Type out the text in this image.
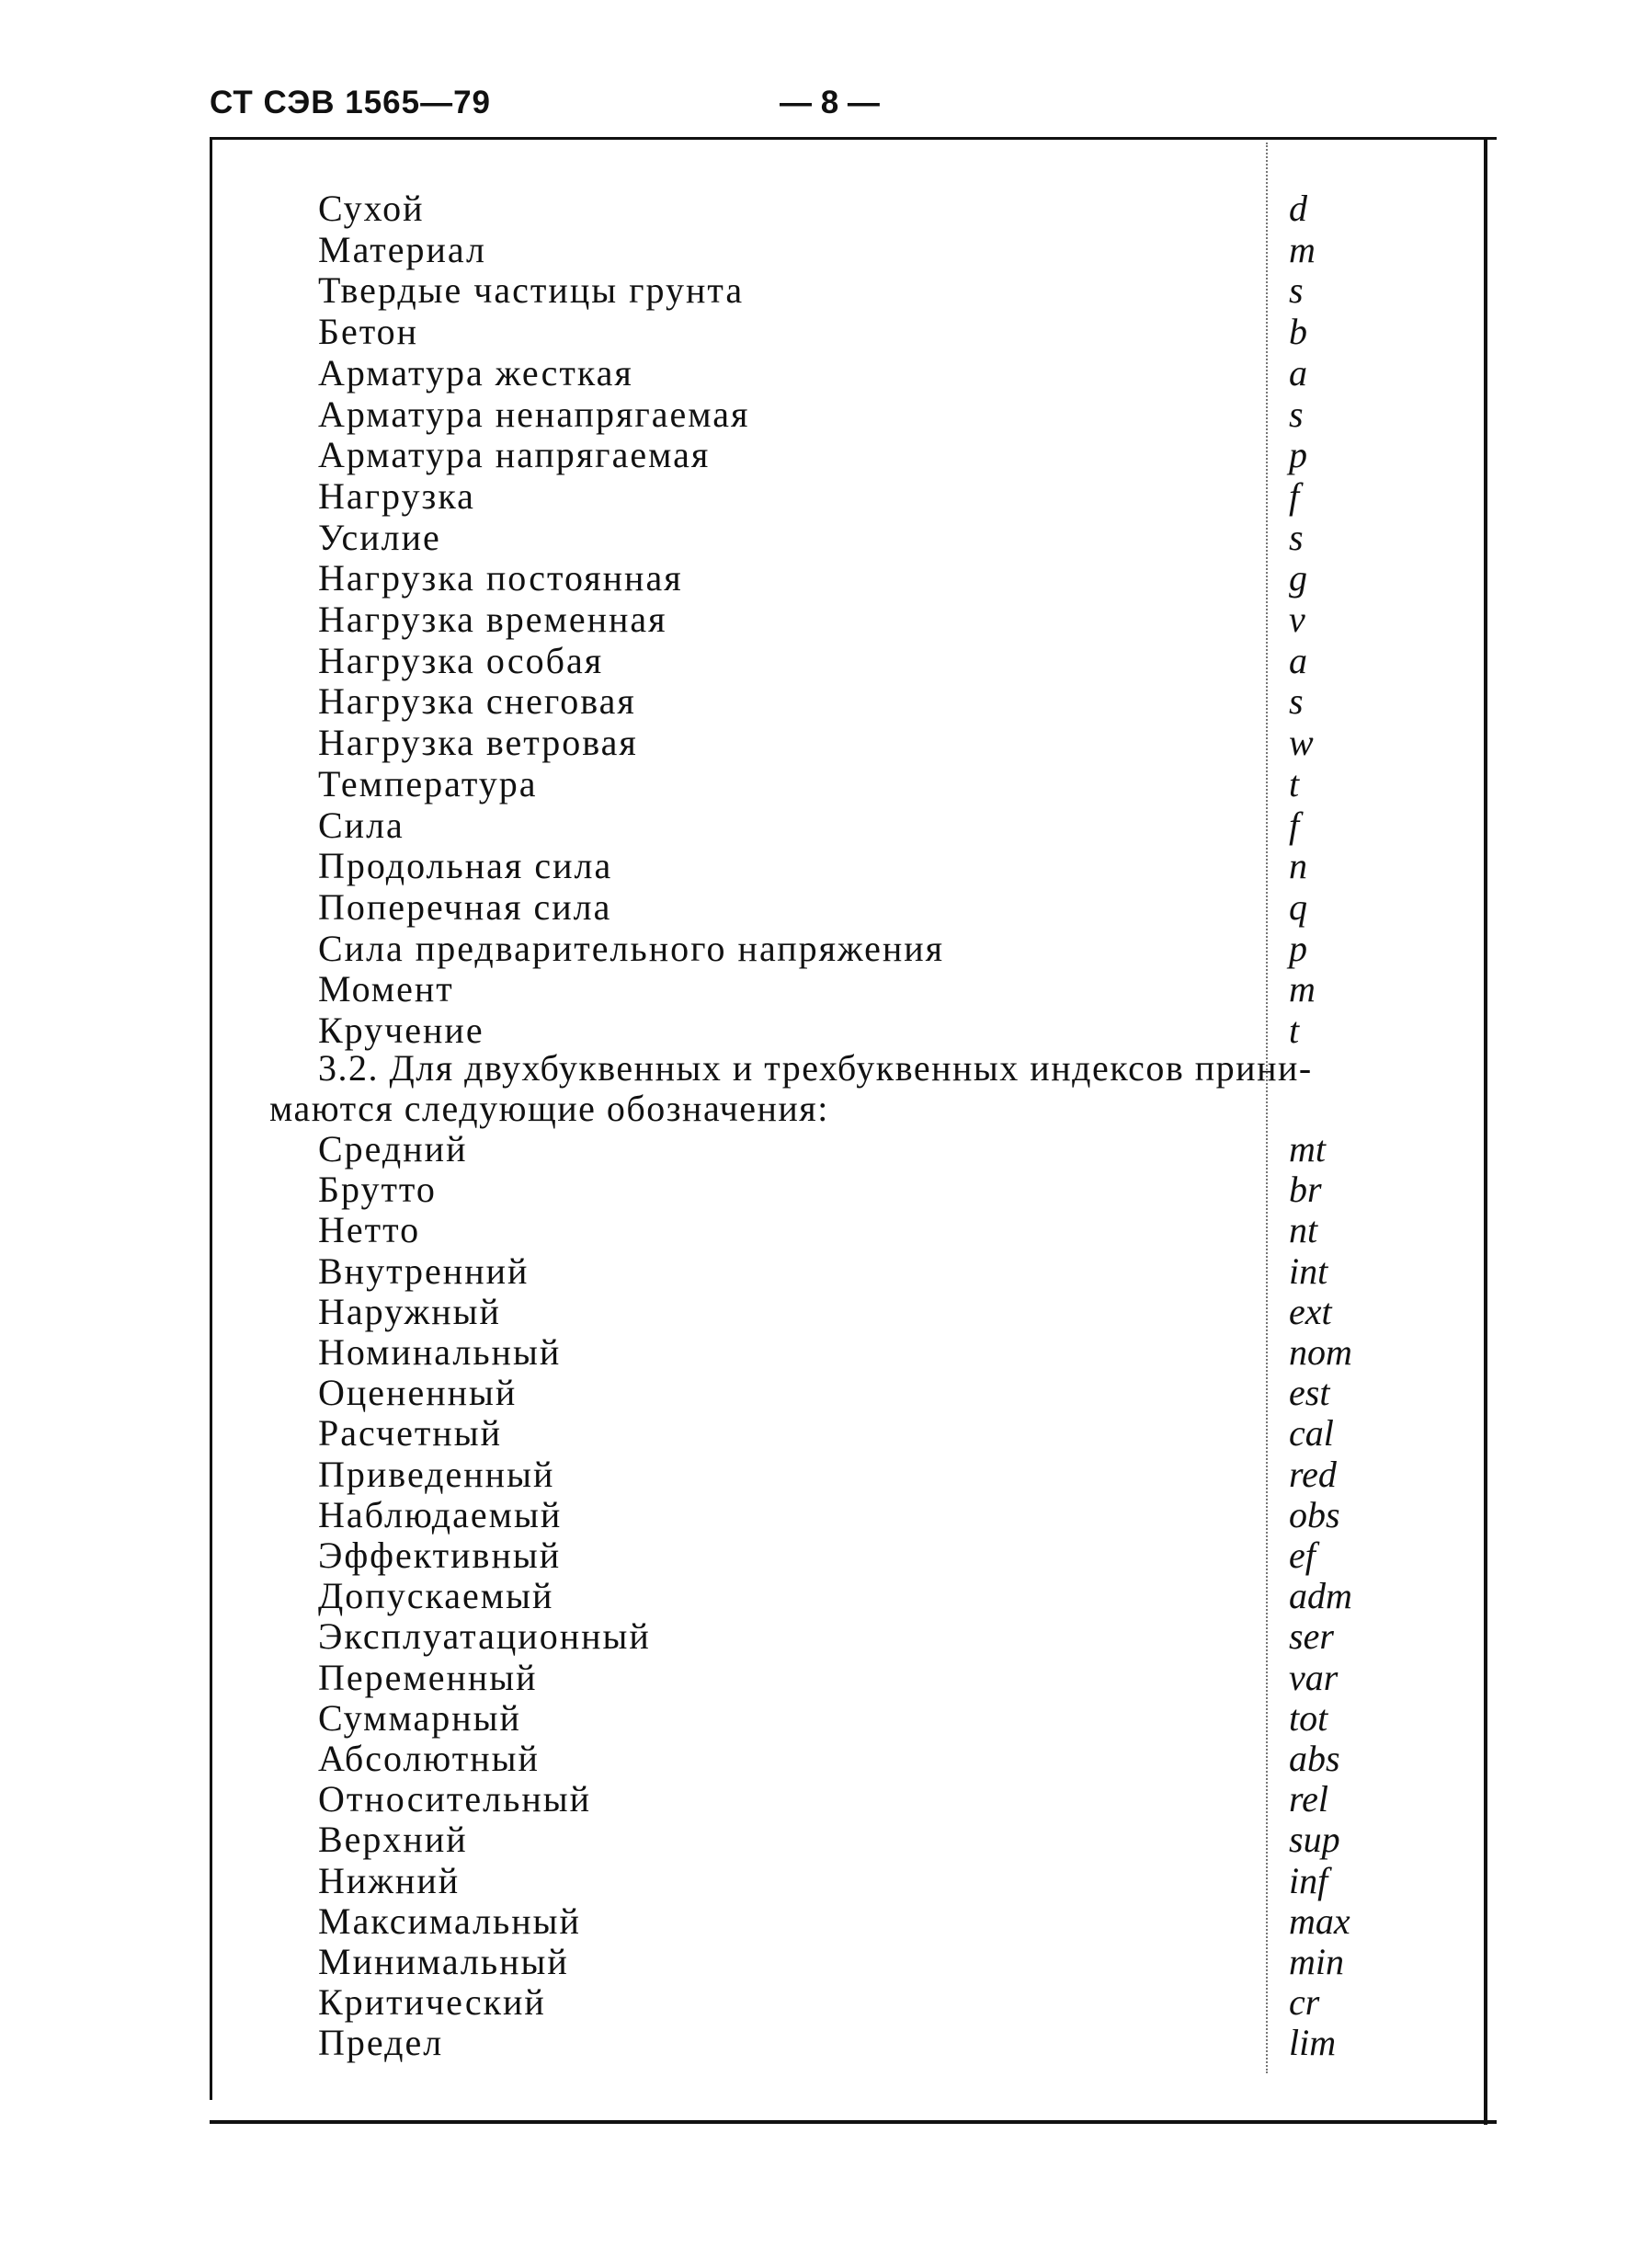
СТ СЭВ 1565—79	— 8 —
Сухой	d
Материал	m
Твердые частицы грунта	s
Бетон	b
Арматура жесткая	a
Арматура ненапрягаемая	s
Арматура напрягаемая	p
Нагрузка	f
Усилие	s
Нагрузка постоянная	g
Нагрузка временная	v
Нагрузка особая	a
Нагрузка снеговая	s
Нагрузка ветровая	w
Температура	t
Сила	f
Продольная сила	n
Поперечная сила	q
Сила предварительного напряжения	p
Момент	m
Кручение	t
3.2. Для двухбуквенных и трехбуквенных индексов прини-
маются следующие обозначения:
Средний	mt
Брутто	br
Нетто	nt
Внутренний	int
Наружный	ext
Номинальный	nom
Оцененный	est
Расчетный	cal
Приведенный	red
Наблюдаемый	obs
Эффективный	ef
Допускаемый	adm
Эксплуатационный	ser
Переменный	var
Суммарный	tot
Абсолютный	abs
Относительный	rel
Верхний	sup
Нижний	inf
Максимальный	max
Минимальный	min
Критический	cr
Предел	lim
